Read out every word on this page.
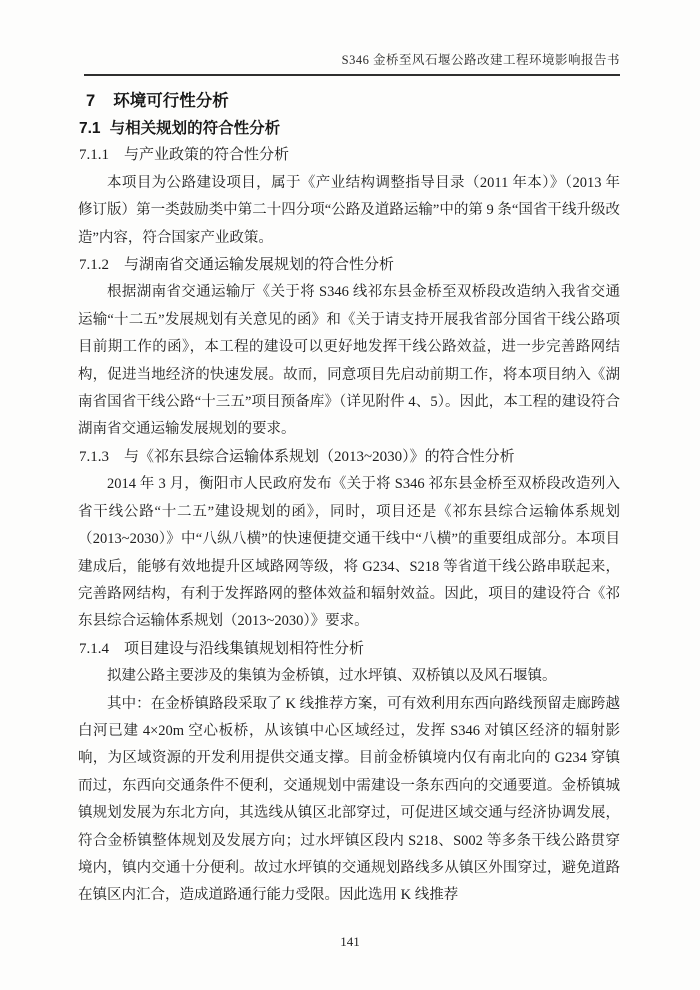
S346 金桥至风石堰公路改建工程环境影响报告书
7 环境可行性分析
7.1 与相关规划的符合性分析
7.1.1 与产业政策的符合性分析

本项目为公路建设项目，属于《产业结构调整指导目录（2011 年本）》（2013 年修订版）第一类鼓励类中第二十四分项“公路及道路运输”中的第 9 条“国省干线升级改造”内容，符合国家产业政策。

7.1.2 与湖南省交通运输发展规划的符合性分析

根据湖南省交通运输厅《关于将 S346 线祁东县金桥至双桥段改造纳入我省交通运输“十二五”发展规划有关意见的函》和《关于请支持开展我省部分国省干线公路项目前期工作的函》，本工程的建设可以更好地发挥干线公路效益，进一步完善路网结构，促进当地经济的快速发展。故而，同意项目先启动前期工作，将本项目纳入《湖南省国省干线公路“十三五”项目预备库》（详见附件 4、5）。因此，本工程的建设符合湖南省交通运输发展规划的要求。

7.1.3 与《祁东县综合运输体系规划（2013~2030）》的符合性分析

2014 年 3 月，衡阳市人民政府发布《关于将 S346 祁东县金桥至双桥段改造列入省干线公路“十二五”建设规划的函》，同时，项目还是《祁东县综合运输体系规划（2013~2030）》中“八纵八横”的快速便捷交通干线中“八横”的重要组成部分。本项目建成后，能够有效地提升区域路网等级，将 G234、S218 等省道干线公路串联起来，完善路网结构，有利于发挥路网的整体效益和辐射效益。因此，项目的建设符合《祁东县综合运输体系规划（2013~2030）》要求。

7.1.4 项目建设与沿线集镇规划相符性分析

拟建公路主要涉及的集镇为金桥镇，过水坪镇、双桥镇以及风石堰镇。

其中：在金桥镇路段采取了 K 线推荐方案，可有效利用东西向路线预留走廊跨越白河已建 4×20m 空心板桥，从该镇中心区域经过，发挥 S346 对镇区经济的辐射影响，为区域资源的开发利用提供交通支撑。目前金桥镇境内仅有南北向的 G234 穿镇而过，东西向交通条件不便利，交通规划中需建设一条东西向的交通要道。金桥镇城镇规划发展为东北方向，其选线从镇区北部穿过，可促进区域交通与经济协调发展，符合金桥镇整体规划及发展方向；过水坪镇区段内 S218、S002 等多条干线公路贯穿境内，镇内交通十分便利。故过水坪镇的交通规划路线多从镇区外围穿过，避免道路在镇区内汇合，造成道路通行能力受限。因此选用 K 线推荐

141
